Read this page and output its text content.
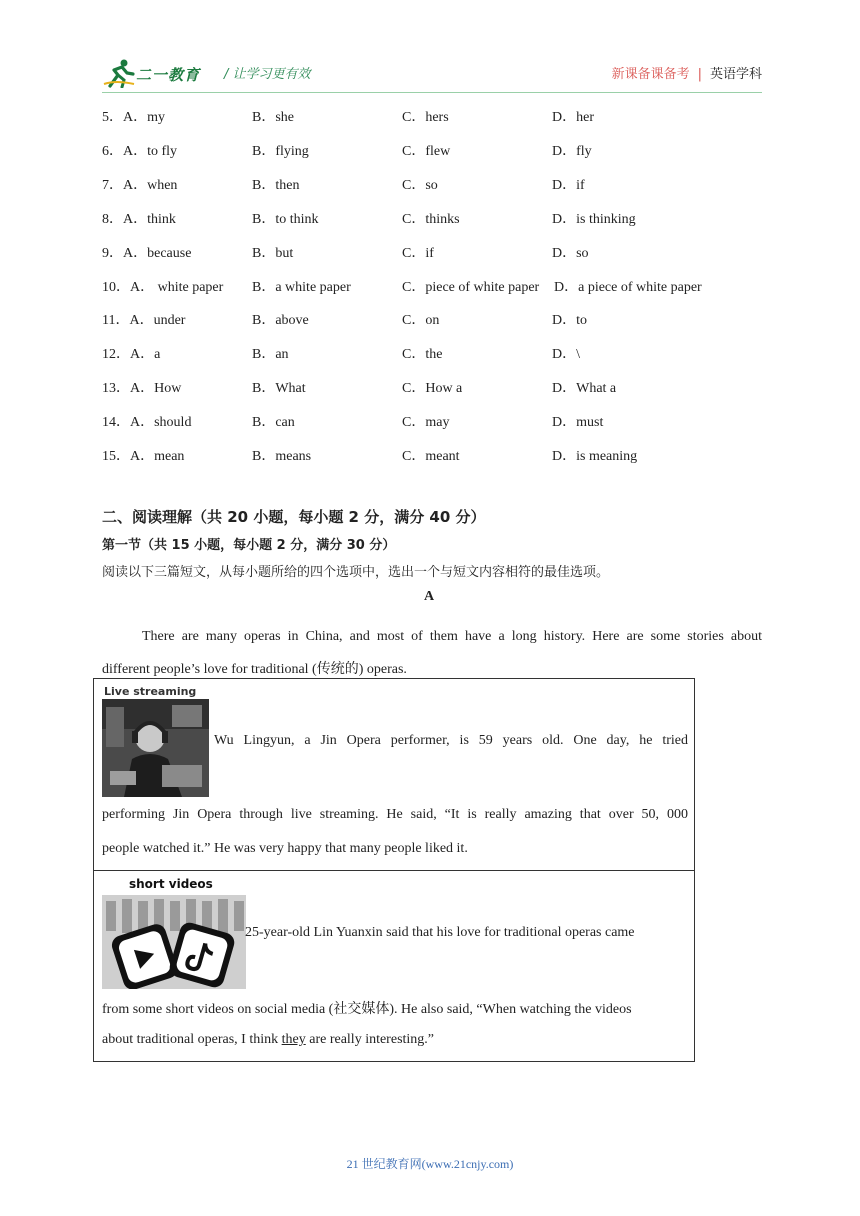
二一教育 / 让学习更有效	新课备课备考 | 英语学科
5．A．my	B．she	C．hers	D．her
6．A．to fly	B．flying	C．flew	D．fly
7．A．when	B．then	C．so	D．if
8．A．think	B．to think	C．thinks	D．is thinking
9．A．because	B．but	C．if	D．so
10．A． white paper B．a white paper	C．piece of white paper D．a piece of white paper
11．A．under	B．above	C．on	D．to
12．A．a	B．an	C．the	D．\
13．A．How	B．What	C．How a	D．What a
14．A．should	B．can	C．may	D．must
15．A．mean	B．means	C．meant	D．is meaning
二、阅读理解（共 20 小题，每小题 2 分，满分 40 分）
第一节（共 15 小题，每小题 2 分，满分 30 分）
阅读以下三篇短文，从每小题所给的四个选项中，选出一个与短文内容相符的最佳选项。
A
There are many operas in China, and most of them have a long history. Here are some stories about
different people’s love for traditional (传统的) operas.
Live streaming
Wu Lingyun, a Jin Opera performer, is 59 years old. One day, he tried
performing Jin Opera through live streaming. He said, “It is really amazing that over 50, 000
people watched it.” He was very happy that many people liked it.
short videos
25-year-old Lin Yuanxin said that his love for traditional operas came
from some short videos on social media (社交媒体). He also said, “When watching the videos
about traditional operas, I think they are really interesting.”
21 世纪教育网(www.21cnjy.com)
